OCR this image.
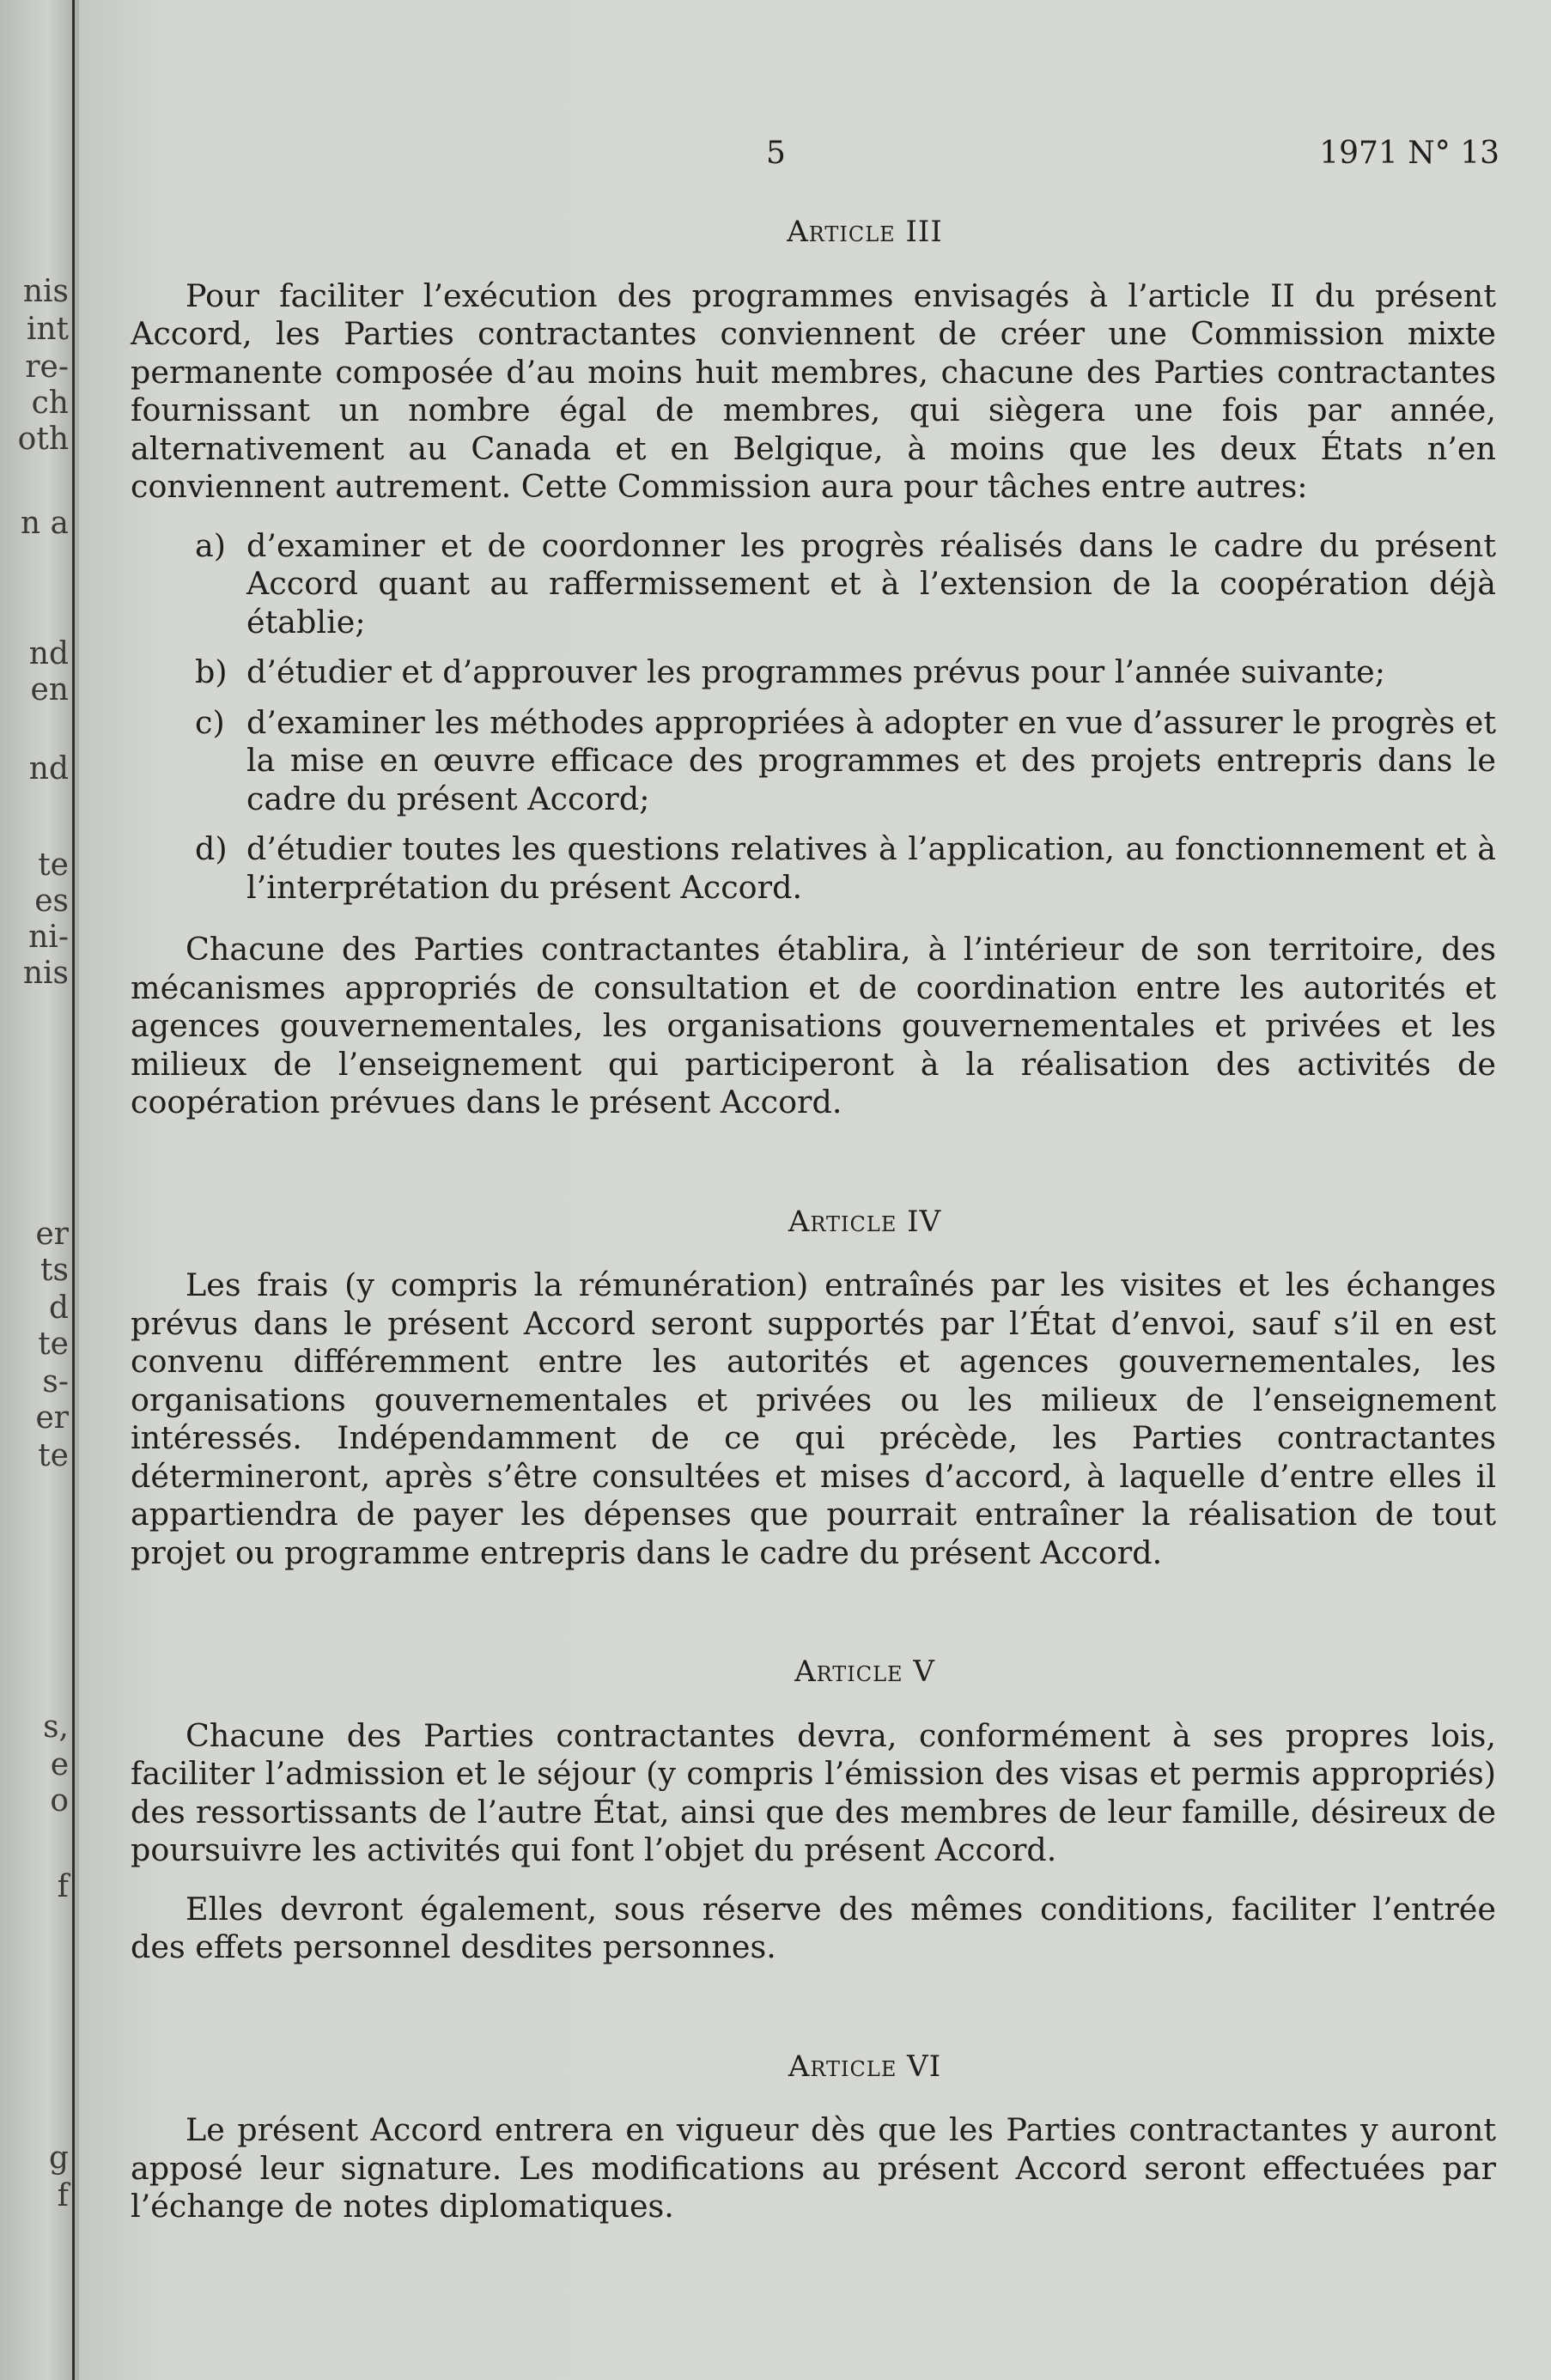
nis
int
re-
ch
oth
n a
nd
en
nd
te
es
ni-
nis
er
ts
d
te
s-
er
te
s,
e
o
f
g
f
5	1971 N° 13
Article III

Pour faciliter l’exécution des programmes envisagés à l’article II du présent Accord, les Parties contractantes conviennent de créer une Commission mixte permanente composée d’au moins huit membres, chacune des Parties contractantes fournissant un nombre égal de membres, qui siègera une fois par année, alternativement au Canada et en Belgique, à moins que les deux États n’en conviennent autrement. Cette Commission aura pour tâches entre autres:

a) d’examiner et de coordonner les progrès réalisés dans le cadre du présent Accord quant au raffermissement et à l’extension de la coopération déjà établie;
b) d’étudier et d’approuver les programmes prévus pour l’année suivante;
c) d’examiner les méthodes appropriées à adopter en vue d’assurer le progrès et la mise en œuvre efficace des programmes et des projets entrepris dans le cadre du présent Accord;
d) d’étudier toutes les questions relatives à l’application, au fonctionnement et à l’interprétation du présent Accord.

Chacune des Parties contractantes établira, à l’intérieur de son territoire, des mécanismes appropriés de consultation et de coordination entre les autorités et agences gouvernementales, les organisations gouvernementales et privées et les milieux de l’enseignement qui participeront à la réalisation des activités de coopération prévues dans le présent Accord.

Article IV

Les frais (y compris la rémunération) entraînés par les visites et les échanges prévus dans le présent Accord seront supportés par l’État d’envoi, sauf s’il en est convenu différemment entre les autorités et agences gouvernementales, les organisations gouvernementales et privées ou les milieux de l’enseignement intéressés. Indépendamment de ce qui précède, les Parties contractantes détermineront, après s’être consultées et mises d’accord, à laquelle d’entre elles il appartiendra de payer les dépenses que pourrait entraîner la réalisation de tout projet ou programme entrepris dans le cadre du présent Accord.

Article V

Chacune des Parties contractantes devra, conformément à ses propres lois, faciliter l’admission et le séjour (y compris l’émission des visas et permis appropriés) des ressortissants de l’autre État, ainsi que des membres de leur famille, désireux de poursuivre les activités qui font l’objet du présent Accord.

Elles devront également, sous réserve des mêmes conditions, faciliter l’entrée des effets personnel desdites personnes.

Article VI

Le présent Accord entrera en vigueur dès que les Parties contractantes y auront apposé leur signature. Les modifications au présent Accord seront effectuées par l’échange de notes diplomatiques.
